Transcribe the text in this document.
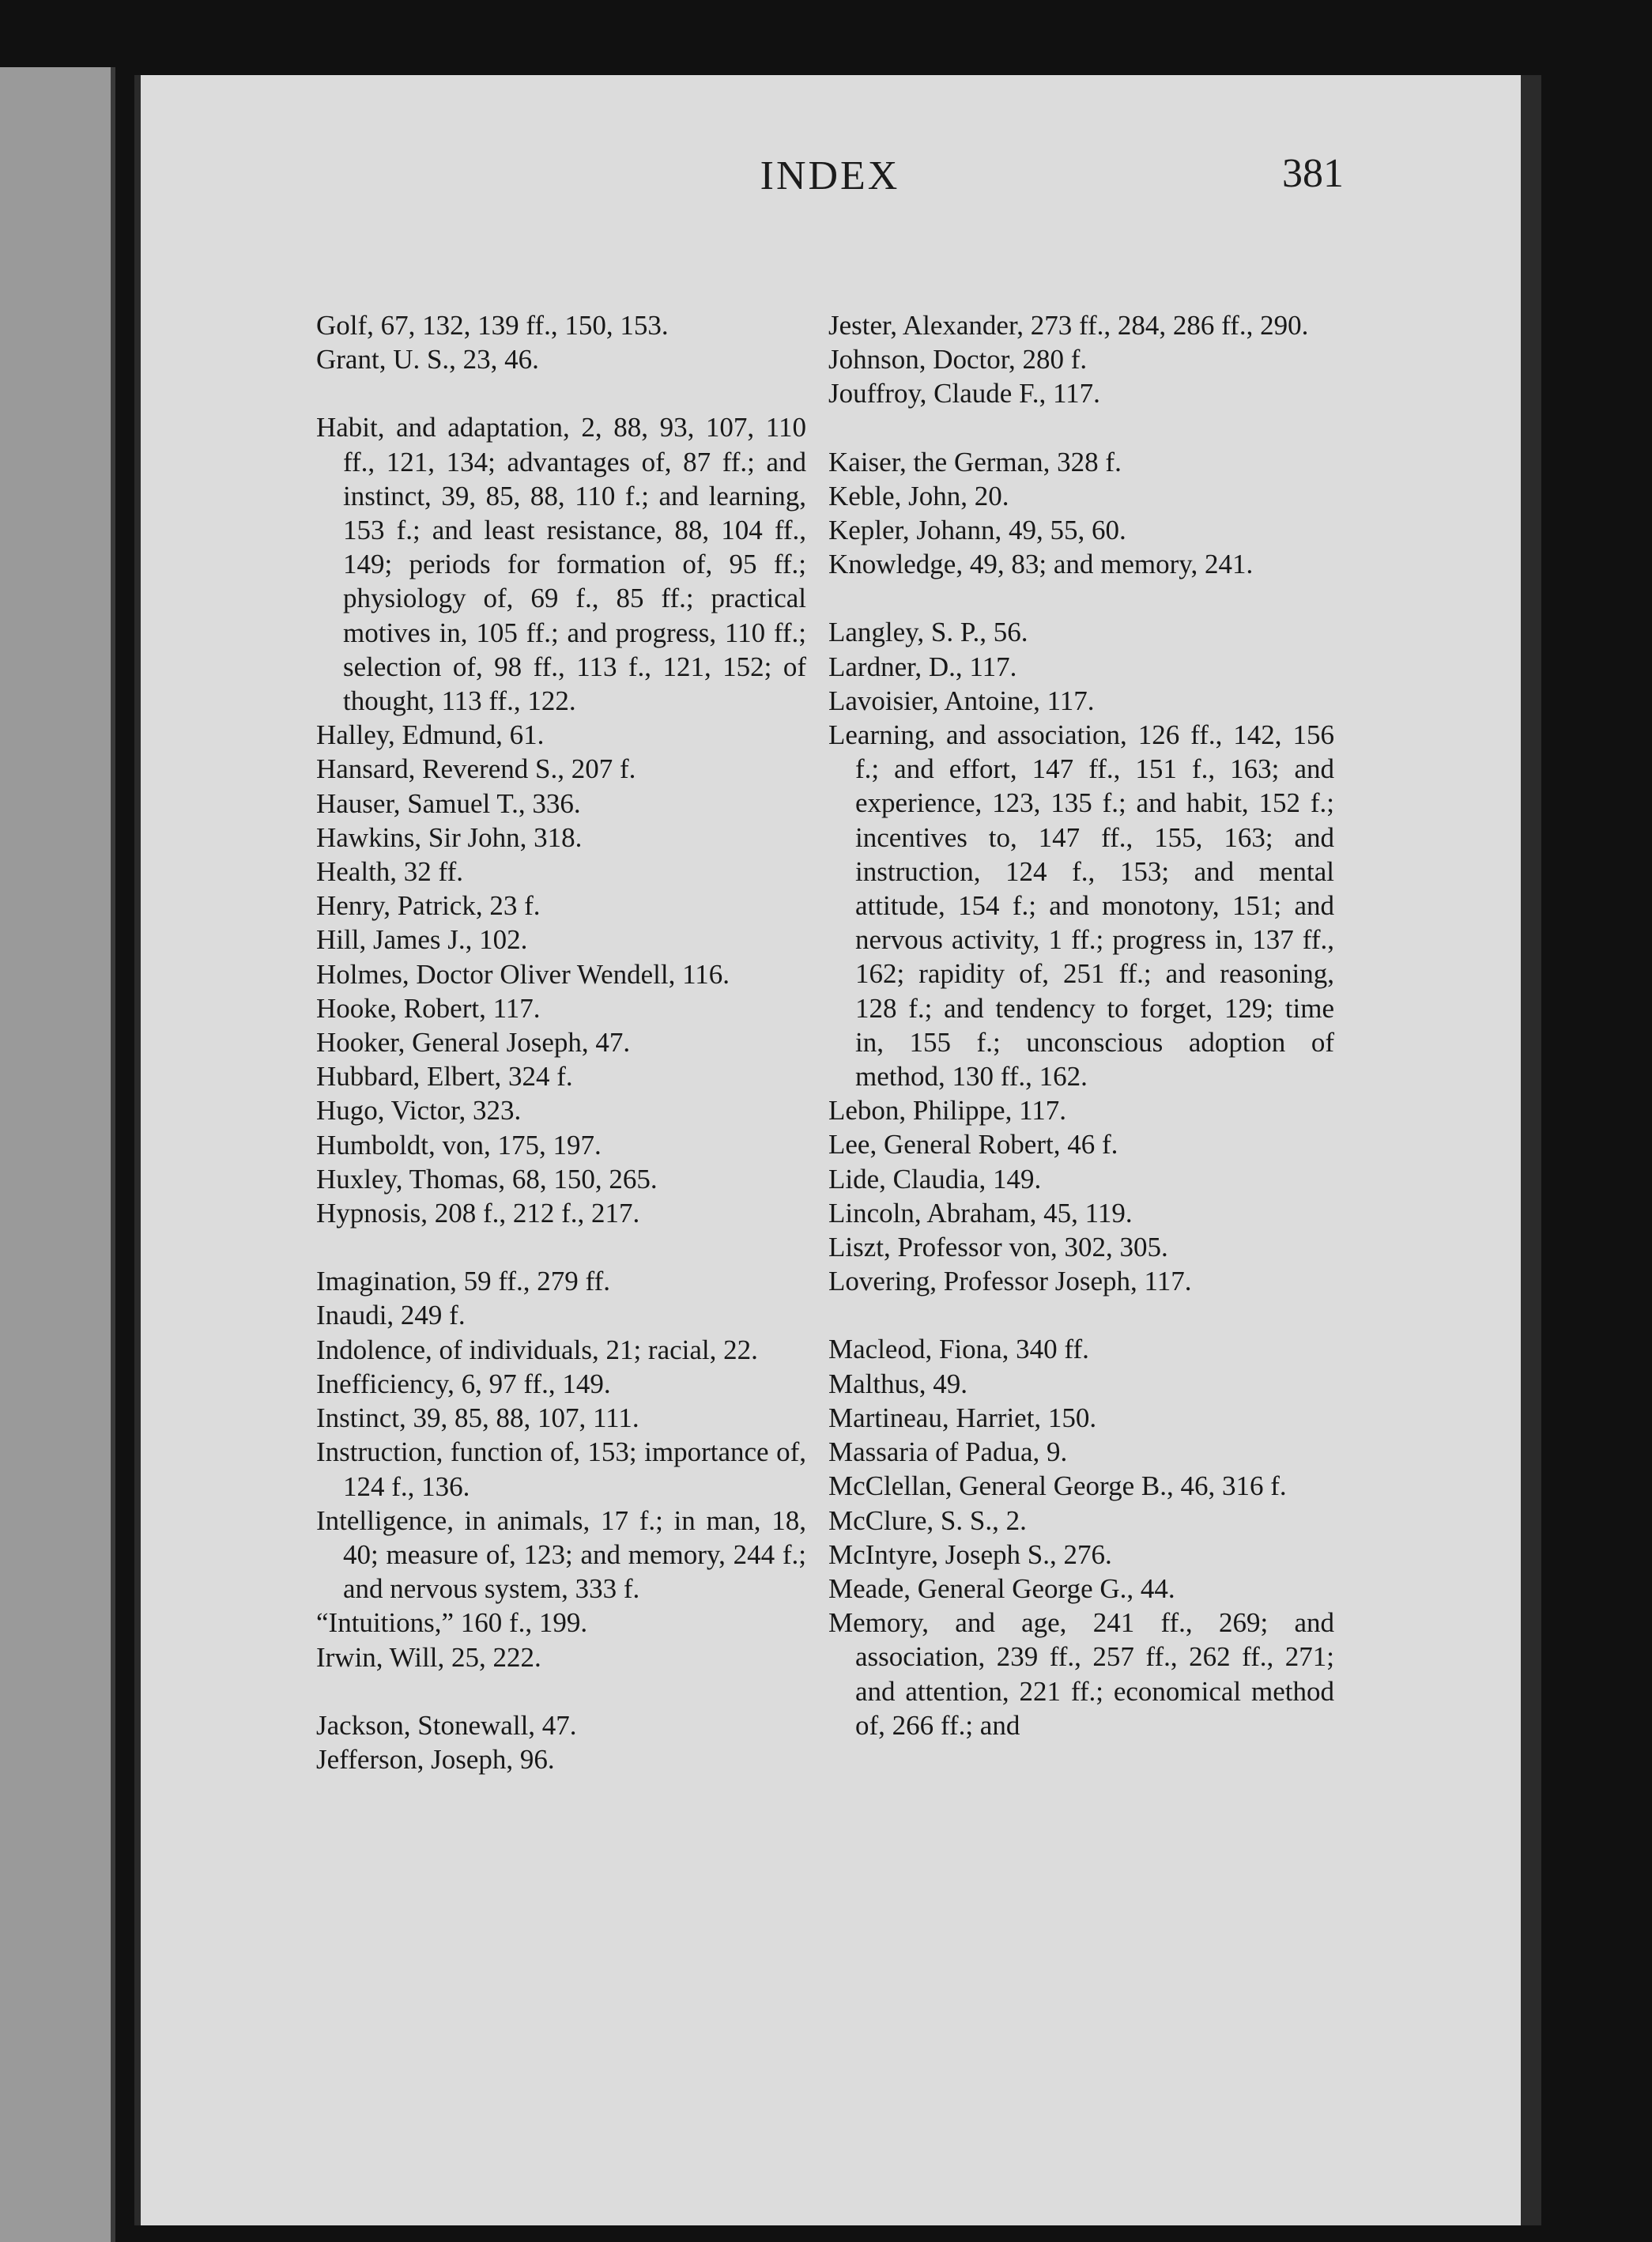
INDEX	381
Golf, 67, 132, 139 ff., 150, 153.
Grant, U. S., 23, 46.
Habit, and adaptation, 2, 88, 93, 107, 110 ff., 121, 134; advantages of, 87 ff.; and instinct, 39, 85, 88, 110 f.; and learning, 153 f.; and least resistance, 88, 104 ff., 149; periods for formation of, 95 ff.; physiology of, 69 f., 85 ff.; practical motives in, 105 ff.; and progress, 110 ff.; selection of, 98 ff., 113 f., 121, 152; of thought, 113 ff., 122.
Halley, Edmund, 61.
Hansard, Reverend S., 207 f.
Hauser, Samuel T., 336.
Hawkins, Sir John, 318.
Health, 32 ff.
Henry, Patrick, 23 f.
Hill, James J., 102.
Holmes, Doctor Oliver Wendell, 116.
Hooke, Robert, 117.
Hooker, General Joseph, 47.
Hubbard, Elbert, 324 f.
Hugo, Victor, 323.
Humboldt, von, 175, 197.
Huxley, Thomas, 68, 150, 265.
Hypnosis, 208 f., 212 f., 217.
Imagination, 59 ff., 279 ff.
Inaudi, 249 f.
Indolence, of individuals, 21; racial, 22.
Inefficiency, 6, 97 ff., 149.
Instinct, 39, 85, 88, 107, 111.
Instruction, function of, 153; importance of, 124 f., 136.
Intelligence, in animals, 17 f.; in man, 18, 40; measure of, 123; and memory, 244 f.; and nervous system, 333 f.
“Intuitions,” 160 f., 199.
Irwin, Will, 25, 222.
Jackson, Stonewall, 47.
Jefferson, Joseph, 96.
Jester, Alexander, 273 ff., 284, 286 ff., 290.
Johnson, Doctor, 280 f.
Jouffroy, Claude F., 117.
Kaiser, the German, 328 f.
Keble, John, 20.
Kepler, Johann, 49, 55, 60.
Knowledge, 49, 83; and memory, 241.
Langley, S. P., 56.
Lardner, D., 117.
Lavoisier, Antoine, 117.
Learning, and association, 126 ff., 142, 156 f.; and effort, 147 ff., 151 f., 163; and experience, 123, 135 f.; and habit, 152 f.; incentives to, 147 ff., 155, 163; and instruction, 124 f., 153; and mental attitude, 154 f.; and monotony, 151; and nervous activity, 1 ff.; progress in, 137 ff., 162; rapidity of, 251 ff.; and reasoning, 128 f.; and tendency to forget, 129; time in, 155 f.; unconscious adoption of method, 130 ff., 162.
Lebon, Philippe, 117.
Lee, General Robert, 46 f.
Lide, Claudia, 149.
Lincoln, Abraham, 45, 119.
Liszt, Professor von, 302, 305.
Lovering, Professor Joseph, 117.
Macleod, Fiona, 340 ff.
Malthus, 49.
Martineau, Harriet, 150.
Massaria of Padua, 9.
McClellan, General George B., 46, 316 f.
McClure, S. S., 2.
McIntyre, Joseph S., 276.
Meade, General George G., 44.
Memory, and age, 241 ff., 269; and association, 239 ff., 257 ff., 262 ff., 271; and attention, 221 ff.; economical method of, 266 ff.; and
